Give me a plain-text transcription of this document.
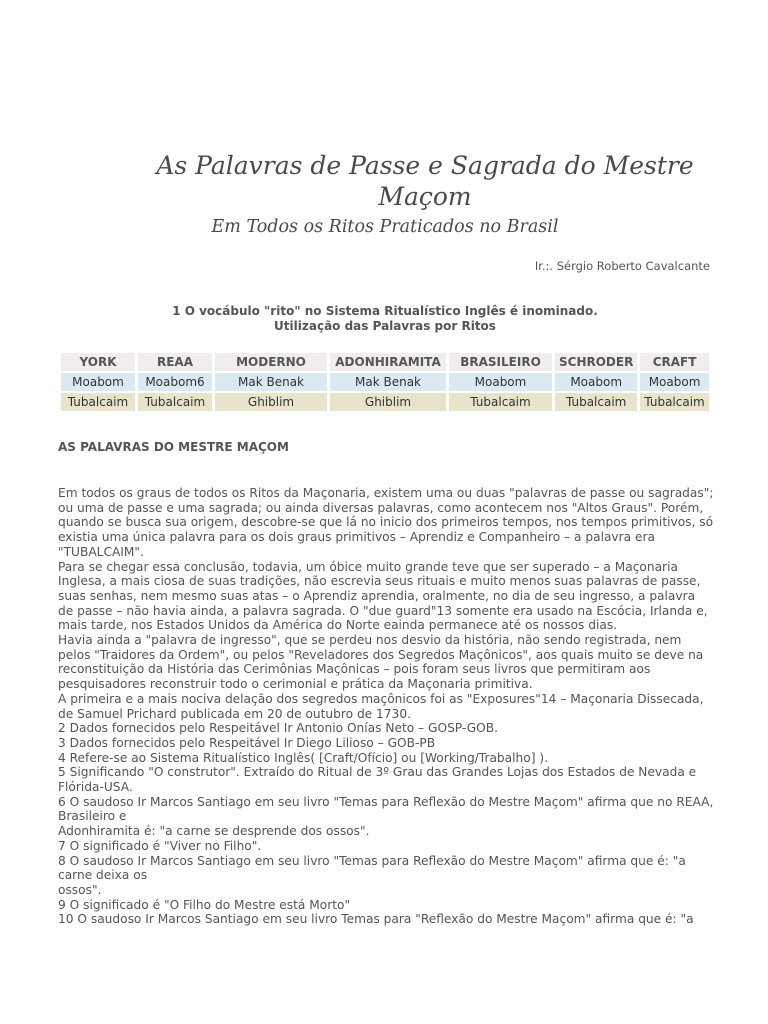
As Palavras de Passe e Sagrada do Mestre Maçom
Em Todos os Ritos Praticados no Brasil
Ir.:. Sérgio Roberto Cavalcante
1 O vocábulo "rito" no Sistema Ritualístico Inglês é inominado.
Utilização das Palavras por Ritos
YORK	REAA	MODERNO	ADONHIRAMITA	BRASILEIRO	SCHRODER	CRAFT
Moabom	Moabom6	Mak Benak	Mak Benak	Moabom	Moabom	Moabom
Tubalcaim	Tubalcaim	Ghiblim	Ghiblim	Tubalcaim	Tubalcaim	Tubalcaim
AS PALAVRAS DO MESTRE MAÇOM

Em todos os graus de todos os Ritos da Maçonaria, existem uma ou duas "palavras de passe ou sagradas"; ou uma de passe e uma sagrada; ou ainda diversas palavras, como acontecem nos "Altos Graus". Porém, quando se busca sua origem, descobre-se que lá no inicio dos primeiros tempos, nos tempos primitivos, só existia uma única palavra para os dois graus primitivos – Aprendiz e Companheiro – a palavra era "TUBALCAIM".

Para se chegar essa conclusão, todavia, um óbice muito grande teve que ser superado – a Maçonaria Inglesa, a mais ciosa de suas tradições, não escrevia seus rituais e muito menos suas palavras de passe, suas senhas, nem mesmo suas atas – o Aprendiz aprendia, oralmente, no dia de seu ingresso, a palavra de passe – não havia ainda, a palavra sagrada. O "due guard"13 somente era usado na Escócia, Irlanda e, mais tarde, nos Estados Unidos da América do Norte eainda permanece até os nossos dias.

Havia ainda a "palavra de ingresso", que se perdeu nos desvio da história, não sendo registrada, nem pelos "Traidores da Ordem", ou pelos "Reveladores dos Segredos Maçônicos", aos quais muito se deve na reconstituição da História das Cerimônias Maçônicas – pois foram seus livros que permitiram aos pesquisadores reconstruir todo o cerimonial e prática da Maçonaria primitiva.

A primeira e a mais nociva delação dos segredos maçônicos foi as "Exposures"14 – Maçonaria Dissecada, de Samuel Prichard publicada em 20 de outubro de 1730.

2 Dados fornecidos pelo Respeitável Ir Antonio Onías Neto – GOSP-GOB.

3 Dados fornecidos pelo Respeitável Ir Diego Lilioso – GOB-PB

4 Refere-se ao Sistema Ritualístico Inglês( [Craft/Ofício] ou [Working/Trabalho] ).

5 Significando "O construtor". Extraído do Ritual de 3º Grau das Grandes Lojas dos Estados de Nevada e Flórida-USA.

6 O saudoso Ir Marcos Santiago em seu livro "Temas para Reflexão do Mestre Maçom" afirma que no REAA, Brasileiro e

Adonhiramita é: "a carne se desprende dos ossos".

7 O significado é "Viver no Filho".

8 O saudoso Ir Marcos Santiago em seu livro "Temas para Reflexão do Mestre Maçom" afirma que é: "a carne deixa os

ossos".

9 O significado é "O Filho do Mestre está Morto"

10 O saudoso Ir Marcos Santiago em seu livro Temas para "Reflexão do Mestre Maçom" afirma que é: "a
